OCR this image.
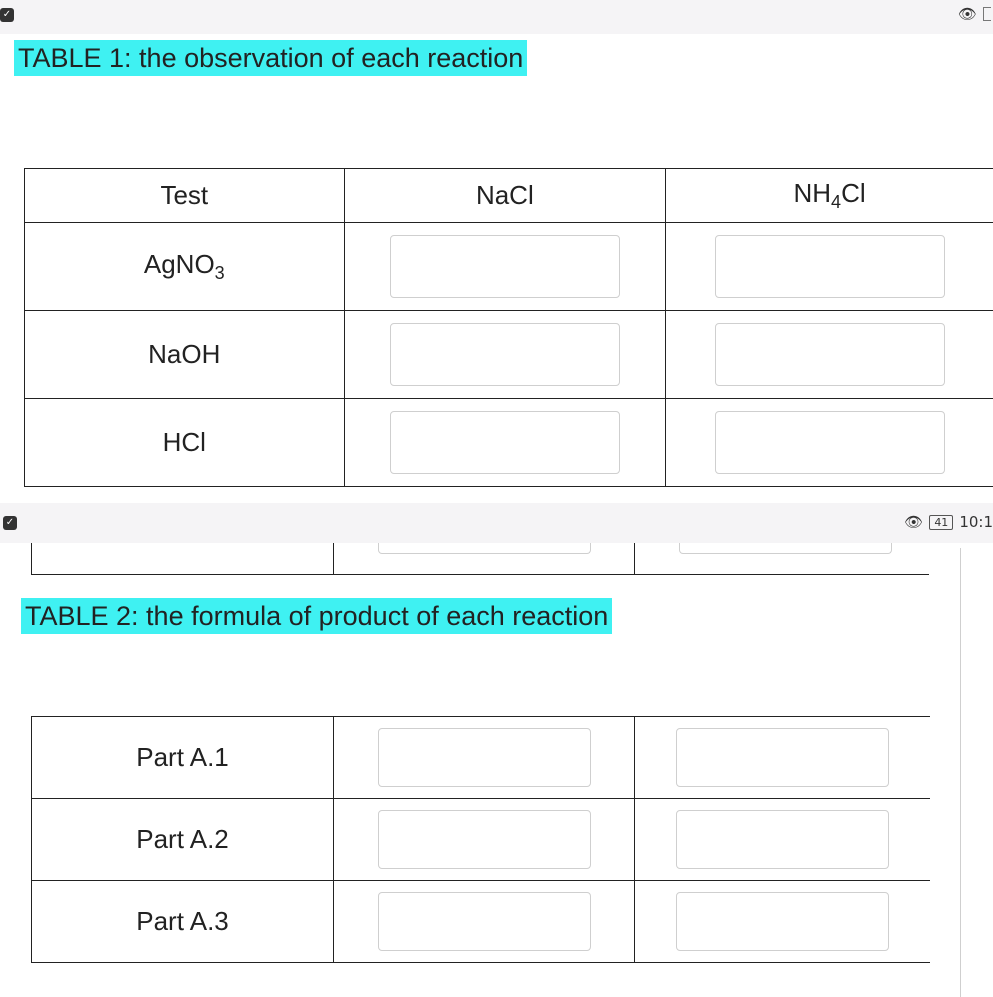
✓	👁
TABLE 1: the observation of each reaction
Test	NaCl	$NH_4Cl$
AgNO$_3$	

NaOH	

HCl	

✓	👁	41 10:1
TABLE 2: the formula of product of each reaction
Part A.1	

Part A.2	

Part A.3	
